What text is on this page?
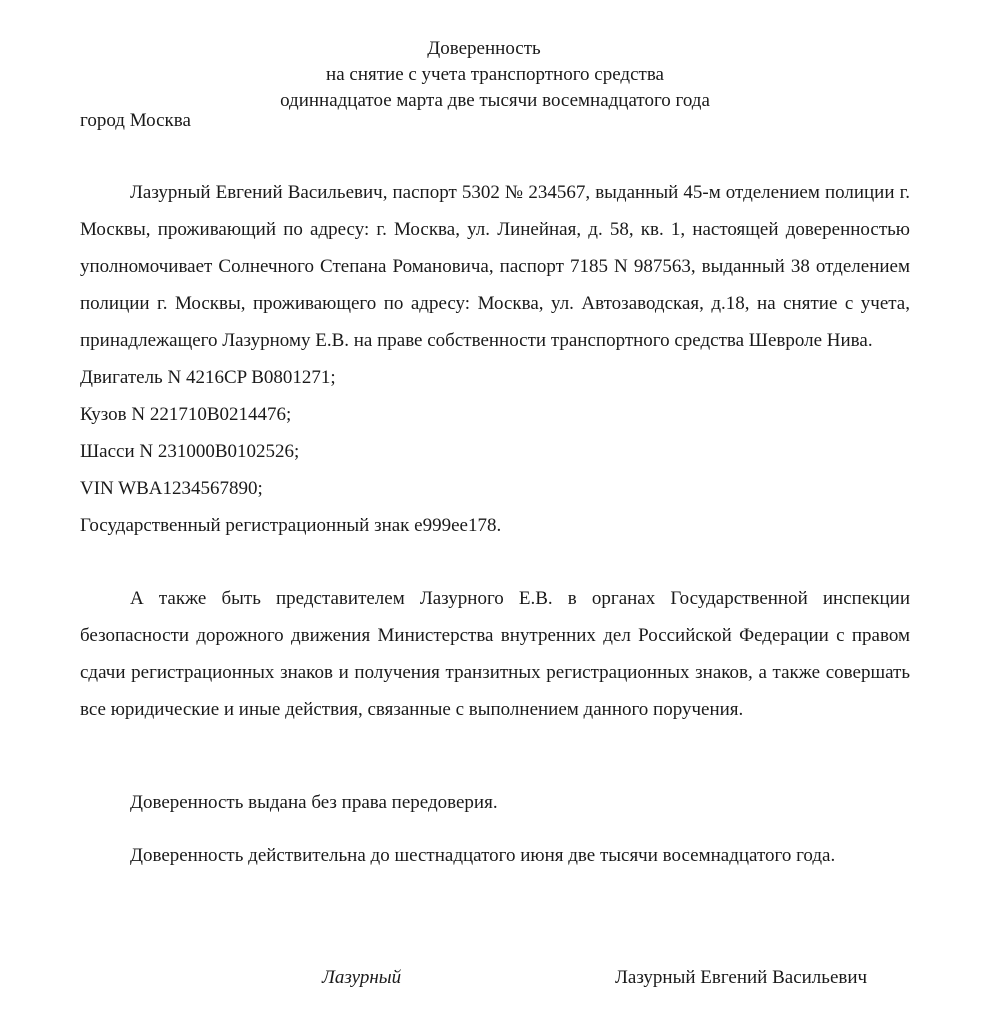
Доверенность
на снятие с учета транспортного средства
одиннадцатое марта две тысячи восемнадцатого года
город Москва

Лазурный Евгений Васильевич, паспорт 5302 № 234567, выданный 45-м отделением полиции г. Москвы, проживающий по адресу: г. Москва, ул. Линейная, д. 58, кв. 1, настоящей доверенностью уполномочивает Солнечного Степана Романовича, паспорт 7185 N 987563, выданный 38 отделением полиции г. Москвы, проживающего по адресу: Москва, ул. Автозаводская, д.18, на снятие с учета, принадлежащего Лазурному Е.В. на праве собственности транспортного средства Шевроле Нива.

Двигатель N 4216CP B0801271;

Кузов N 221710B0214476;

Шасси N 231000B0102526;

VIN WBA1234567890;

Государственный регистрационный знак е999ее178.

А также быть представителем Лазурного Е.В. в органах Государственной инспекции безопасности дорожного движения Министерства внутренних дел Российской Федерации с правом сдачи регистрационных знаков и получения транзитных регистрационных знаков, а также совершать все юридические и иные действия, связанные с выполнением данного поручения.

Доверенность выдана без права передоверия.

Доверенность действительна до шестнадцатого июня две тысячи восемнадцатого года.

Лазурный	Лазурный Евгений Васильевич
